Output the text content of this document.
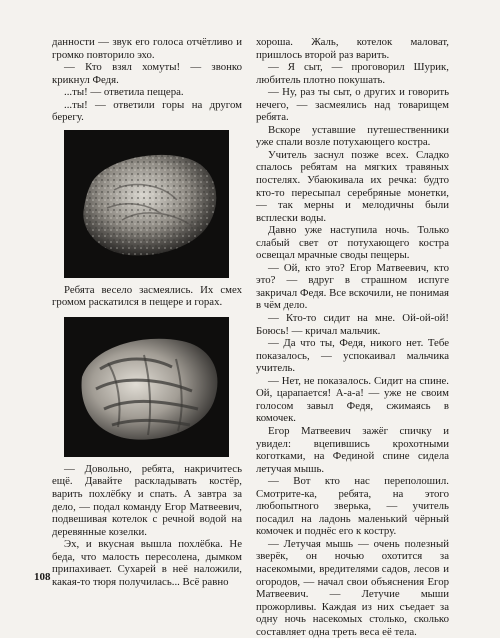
данности — звук его голоса отчётливо и громко повторило эхо.

— Кто взял хомуты! — звонко крикнул Федя.

...ты! — ответила пещера.

...ты! — ответили горы на другом берегу.

Ребята весело засмеялись. Их смех громом раскатился в пещере и горах.

— Довольно, ребята, накричитесь ещё. Давайте раскладывать костёр, варить похлёбку и спать. А завтра за дело, — подал команду Егор Матвеевич, подвешивая котелок с речной водой на деревянные козелки.

Эх, и вкусная вышла похлёбка. Не беда, что малость пересолена, дымком припахивает. Сухарей в неё наложили, какая-то тюря получилась... Всё равно

хороша. Жаль, котелок маловат, пришлось второй раз варить.

— Я сыт, — проговорил Шурик, любитель плотно покушать.

— Ну, раз ты сыт, о других и говорить нечего, — засмеялись над товарищем ребята.

Вскоре уставшие путешественники уже спали возле потухающего костра.

Учитель заснул позже всех. Сладко спалось ребятам на мягких травяных постелях. Убаюкивала их речка: будто кто-то пересыпал серебряные монетки, — так мерны и мелодичны были всплески воды.

Давно уже наступила ночь. Только слабый свет от потухающего костра освещал мрачные своды пещеры.

— Ой, кто это? Егор Матвеевич, кто это? — вдруг в страшном испуге закричал Федя. Все вскочили, не понимая в чём дело.

— Кто-то сидит на мне. Ой-ой-ой! Боюсь! — кричал мальчик.

— Да что ты, Федя, никого нет. Тебе показалось, — успокаивал мальчика учитель.

— Нет, не показалось. Сидит на спине. Ой, царапается! А-а-а! — уже не своим голосом завыл Федя, сжимаясь в комочек.

Егор Матвеевич зажёг спичку и увидел: вцепившись крохотными коготками, на Фединой спине сидела летучая мышь.

— Вот кто нас переполошил. Смотрите-ка, ребята, на этого любопытного зверька, — учитель посадил на ладонь маленький чёрный комочек и поднёс его к костру.

— Летучая мышь — очень полезный зверёк, он ночью охотится за насекомыми, вредителями садов, лесов и огородов, — начал свои объяснения Егор Матвеевич. — Летучие мыши прожорливы. Каждая из них съедает за одну ночь насекомых столько, сколько составляет одна треть веса её тела.

108
